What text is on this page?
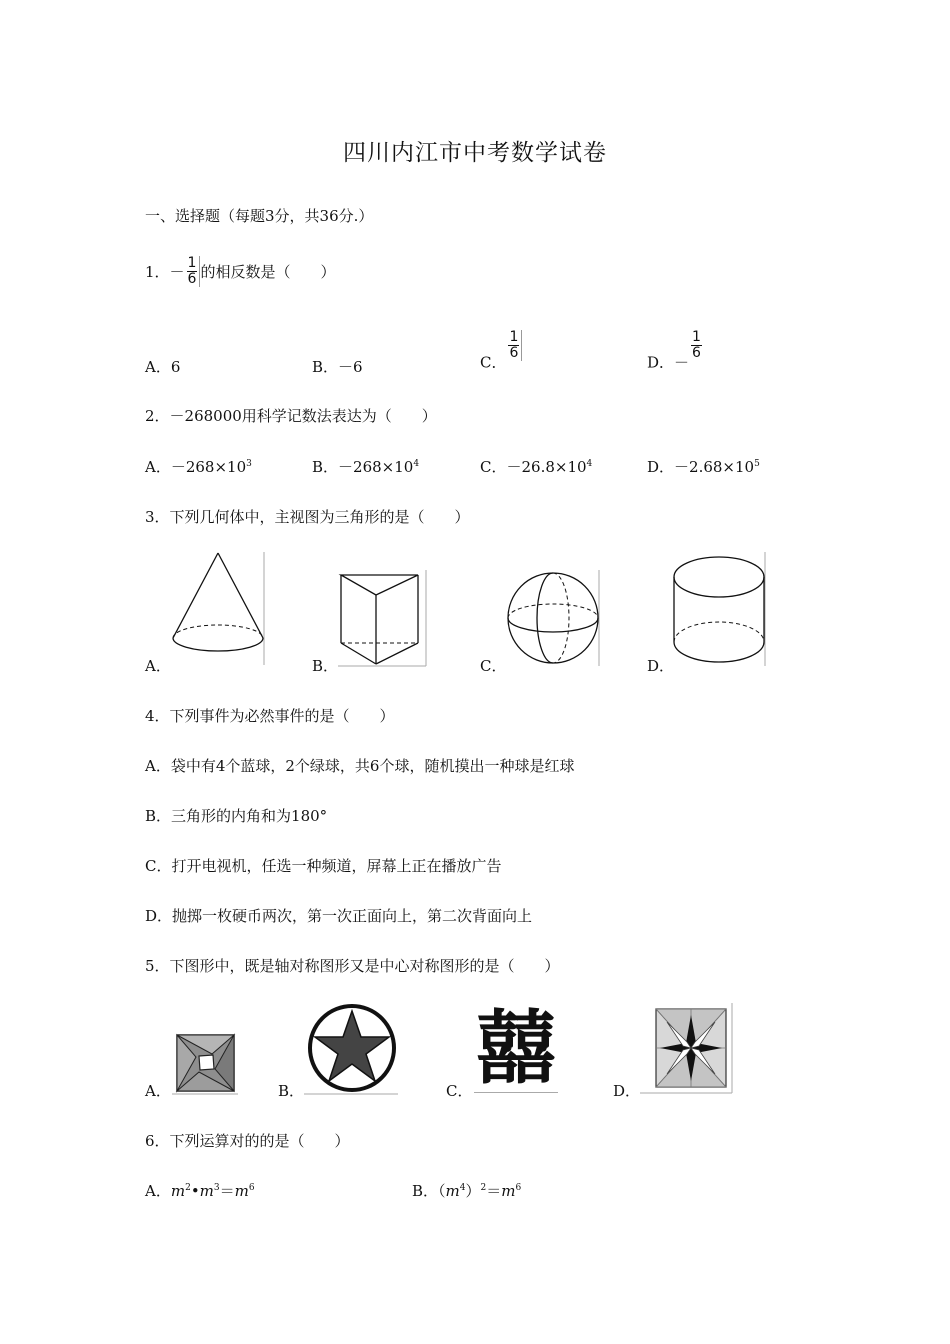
四川内江市中考数学试卷
一、选择题（每题3分，共36分.）
1．－ $\frac{1}{6}$ 的相反数是（　　）
A．6	B．－6	C．
$\frac{1}{6}$
D．－
$\frac{1}{6}$
2．－268000用科学记数法表达为（　　）
A．$-268\times 10^3$	B．$-268\times 10^4$	C．$-26.8\times 10^4$	D．$-2.68\times 10^5$
3．下列几何体中，主视图为三角形的是（　　）
A．	B．	C．	D．
4．下列事件为必然事件的是（　　）
A．袋中有4个蓝球，2个绿球，共6个球，随机摸出一种球是红球
B．三角形的内角和为180°
C．打开电视机，任选一种频道，屏幕上正在播放广告
D．抛掷一枚硬币两次，第一次正面向上，第二次背面向上
5．下图形中，既是轴对称图形又是中心对称图形的是（　　）
A．	B．	C．	D．
囍
6．下列运算对的的是（　　）
A．$m^2•m^3=m^6$	B．$(m^4)^2=m^6$
